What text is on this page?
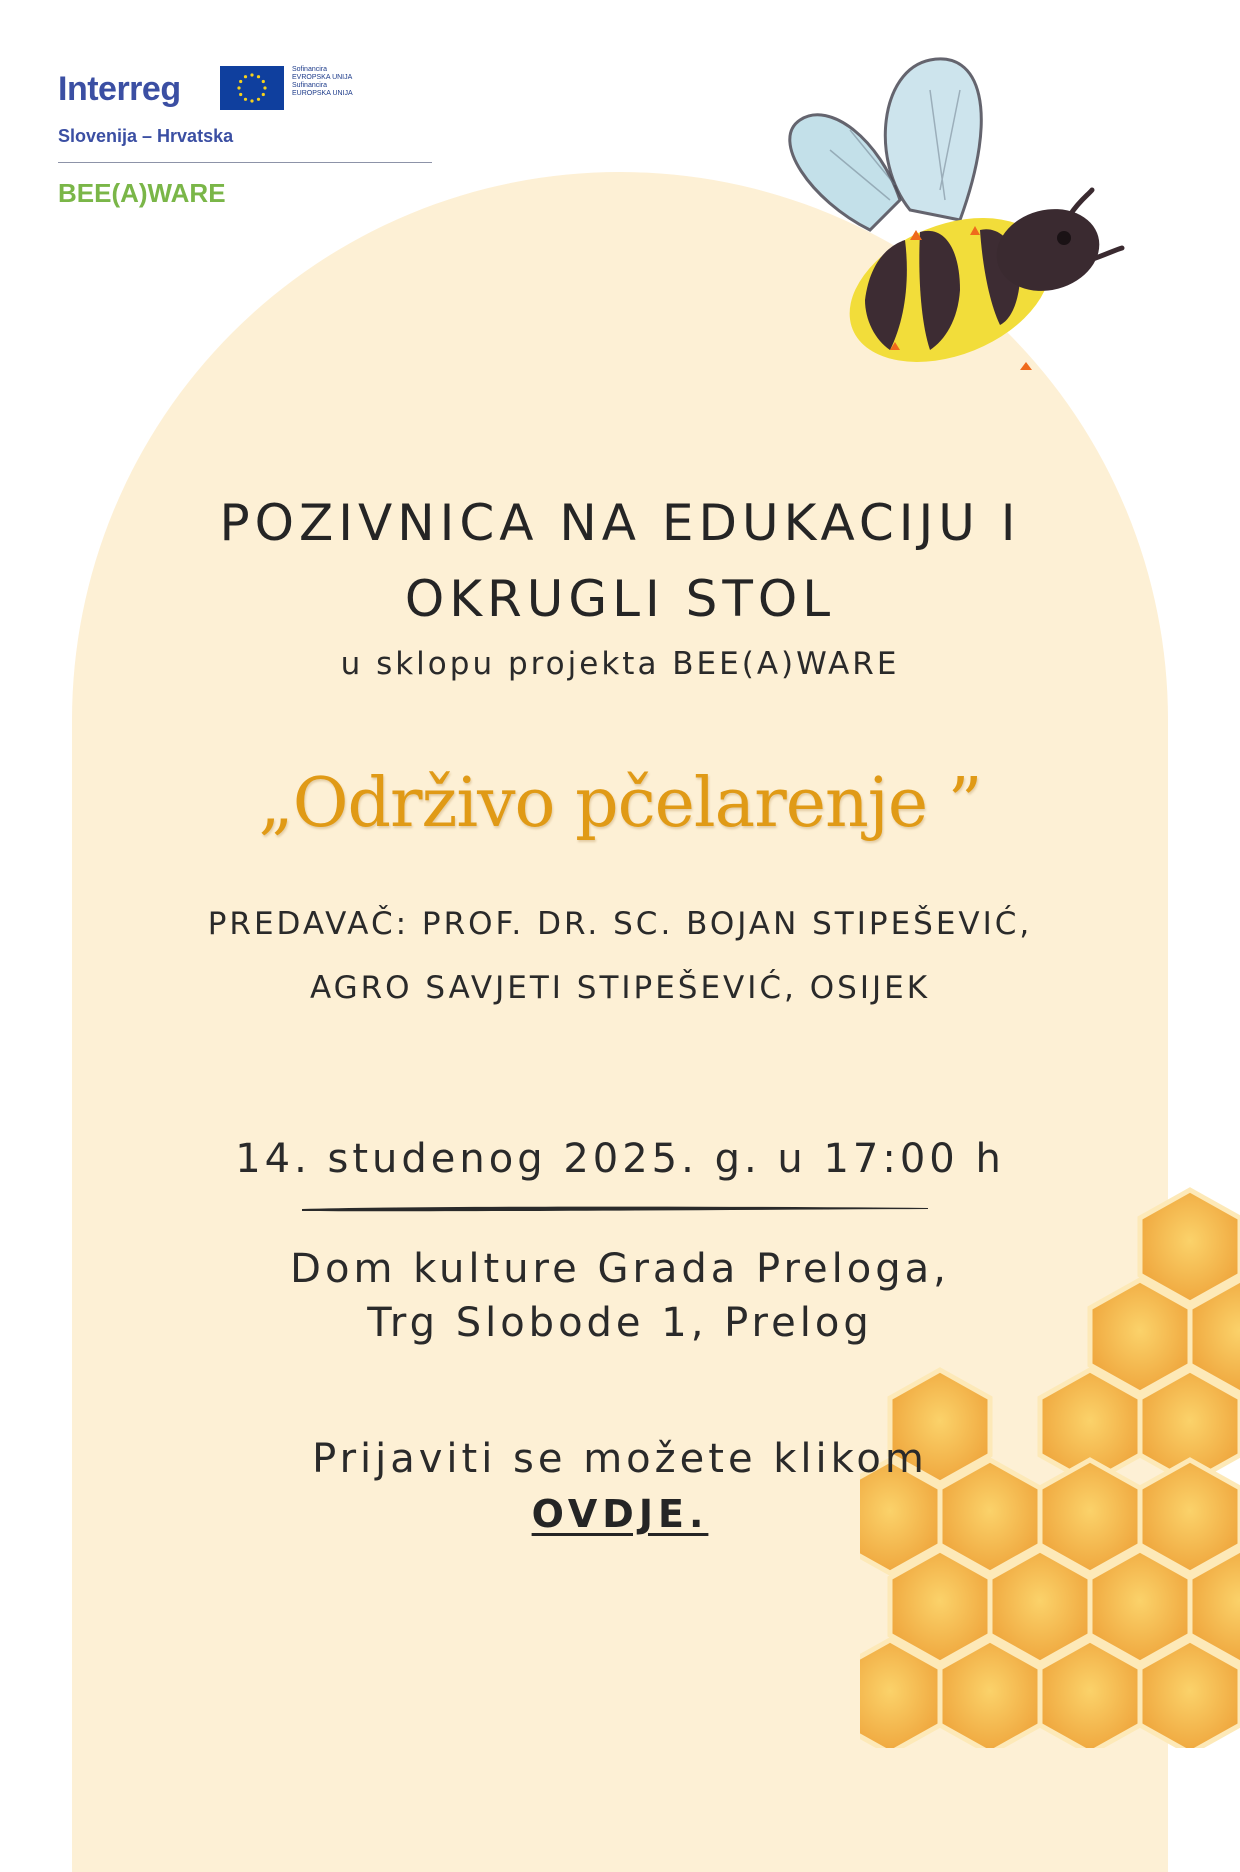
Interreg
Sofinancira
EVROPSKA UNIJA
Sufinancira
EUROPSKA UNIJA
Slovenija – Hrvatska
BEE(A)WARE
POZIVNICA NA EDUKACIJU I
OKRUGLI STOL
u sklopu projekta BEE(A)WARE
„Održivo pčelarenje ”
PREDAVAČ: PROF. DR. SC. BOJAN STIPEŠEVIĆ,
AGRO SAVJETI STIPEŠEVIĆ, OSIJEK
14. studenog 2025. g. u 17:00 h
Dom kulture Grada Preloga,
Trg Slobode 1, Prelog
Prijaviti se možete klikom
OVDJE.
